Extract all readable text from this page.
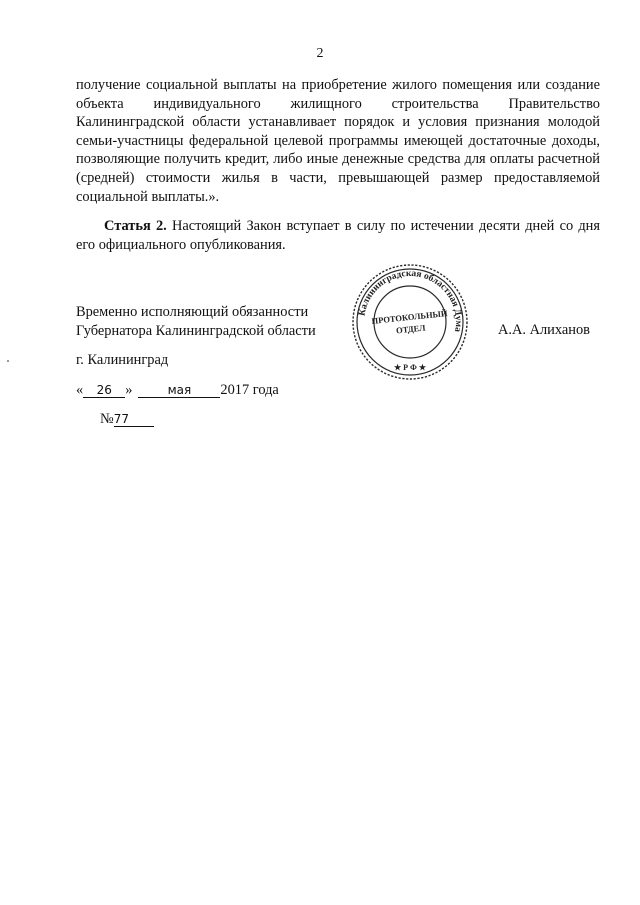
2

получение социальной выплаты на приобретение жилого помещения или создание объекта индивидуального жилищного строительства Правительство Калининградской области устанавливает порядок и условия признания молодой семьи-участницы федеральной целевой программы имеющей достаточные доходы, позволяющие получить кредит, либо иные денежные средства для оплаты расчетной (средней) стоимости жилья в части, превышающей размер предоставляемой социальной выплаты.».

Статья 2. Настоящий Закон вступает в силу по истечении десяти дней со дня его официального опубликования.

Временно исполняющий обязанности
Губернатора Калининградской области
Калининградская областная Дума
ПРОТОКОЛЬНЫЙ
ОТДЕЛ
★ Р Ф ★
А.А. Алиханов
г. Калининград
« 26 »	мая 2017 года
№77
